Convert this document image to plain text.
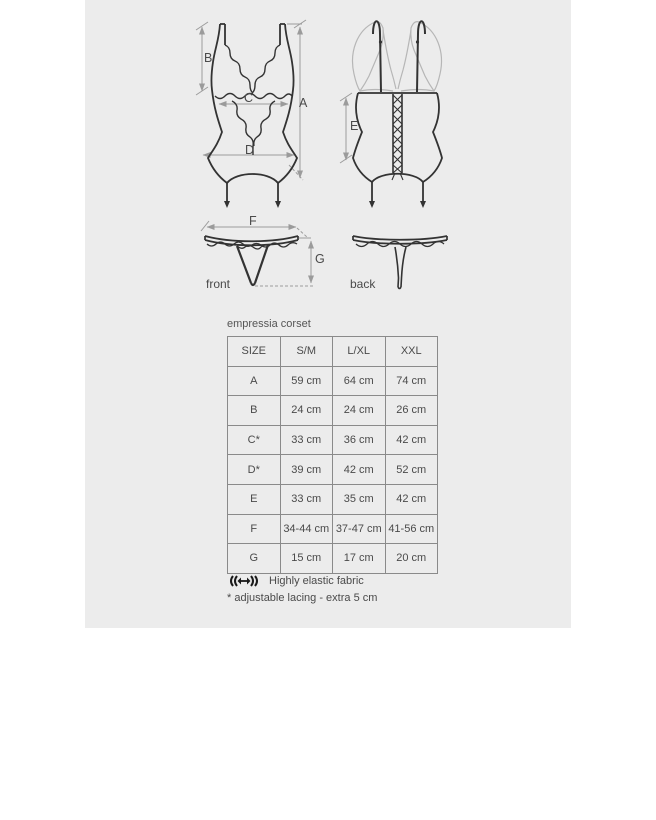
A
B
C
D
E
F
G
front	back
empressia corset
SIZE	S/M	L/XL	XXL
A	59 cm	64 cm	74 cm
B	24 cm	24 cm	26 cm
C*	33 cm	36 cm	42 cm
D*	39 cm	42 cm	52 cm
E	33 cm	35 cm	42 cm
F	34-44 cm	37-47 cm	41-56 cm
G	15 cm	17 cm	20 cm
Highly elastic fabric
* adjustable lacing - extra 5 cm
